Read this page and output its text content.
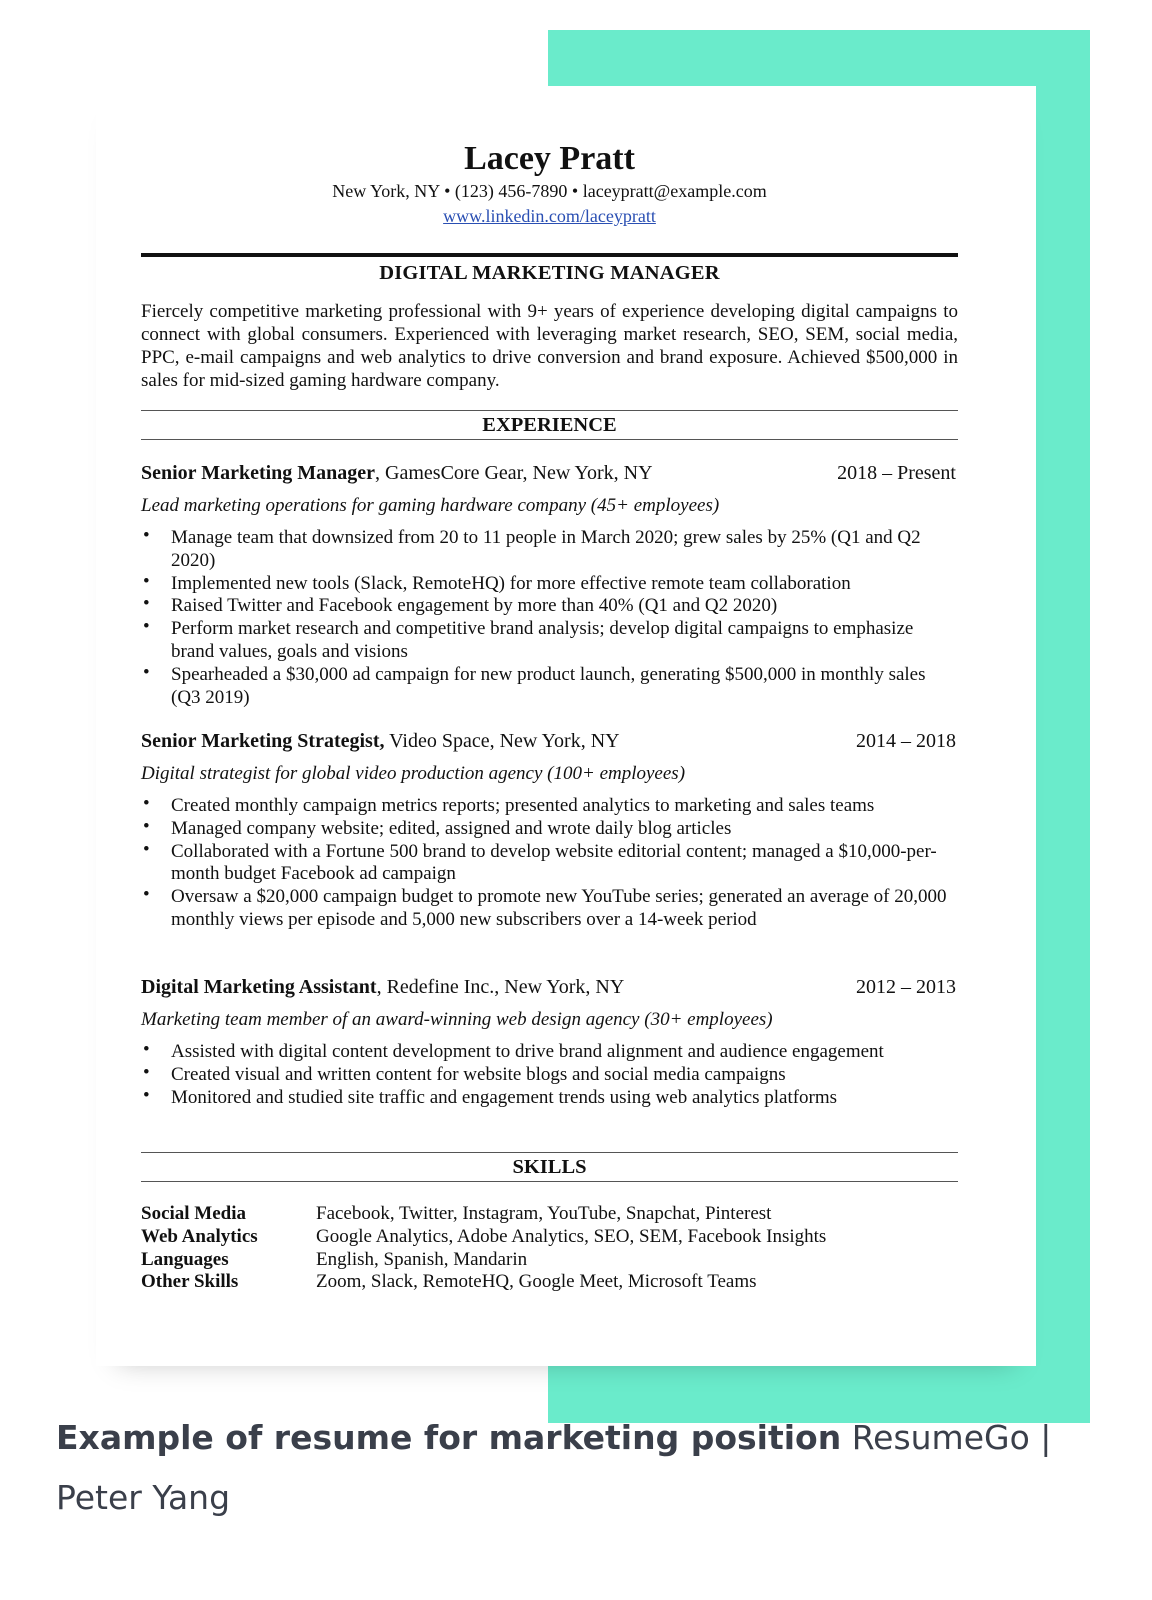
Lacey Pratt
New York, NY • (123) 456-7890 • laceypratt@example.com
www.linkedin.com/laceypratt
DIGITAL MARKETING MANAGER
Fiercely competitive marketing professional with 9+ years of experience developing digital campaigns to connect with global consumers. Experienced with leveraging market research, SEO, SEM, social media, PPC, e-mail campaigns and web analytics to drive conversion and brand exposure. Achieved $500,000 in sales for mid-sized gaming hardware company.
EXPERIENCE
Senior Marketing Manager, GamesCore Gear, New York, NY	2018 – Present
Lead marketing operations for gaming hardware company (45+ employees)
• Manage team that downsized from 20 to 11 people in March 2020; grew sales by 25% (Q1 and Q2 2020)
• Implemented new tools (Slack, RemoteHQ) for more effective remote team collaboration
• Raised Twitter and Facebook engagement by more than 40% (Q1 and Q2 2020)
• Perform market research and competitive brand analysis; develop digital campaigns to emphasize brand values, goals and visions
• Spearheaded a $30,000 ad campaign for new product launch, generating $500,000 in monthly sales (Q3 2019)
Senior Marketing Strategist, Video Space, New York, NY	2014 – 2018
Digital strategist for global video production agency (100+ employees)
• Created monthly campaign metrics reports; presented analytics to marketing and sales teams
• Managed company website; edited, assigned and wrote daily blog articles
• Collaborated with a Fortune 500 brand to develop website editorial content; managed a $10,000-per-month budget Facebook ad campaign
• Oversaw a $20,000 campaign budget to promote new YouTube series; generated an average of 20,000 monthly views per episode and 5,000 new subscribers over a 14-week period
Digital Marketing Assistant, Redefine Inc., New York, NY	2012 – 2013
Marketing team member of an award-winning web design agency (30+ employees)
• Assisted with digital content development to drive brand alignment and audience engagement
• Created visual and written content for website blogs and social media campaigns
• Monitored and studied site traffic and engagement trends using web analytics platforms
SKILLS
Social Media	Facebook, Twitter, Instagram, YouTube, Snapchat, Pinterest
Web Analytics	Google Analytics, Adobe Analytics, SEO, SEM, Facebook Insights
Languages	English, Spanish, Mandarin
Other Skills	Zoom, Slack, RemoteHQ, Google Meet, Microsoft Teams
Example of resume for marketing position ResumeGo | Peter Yang
